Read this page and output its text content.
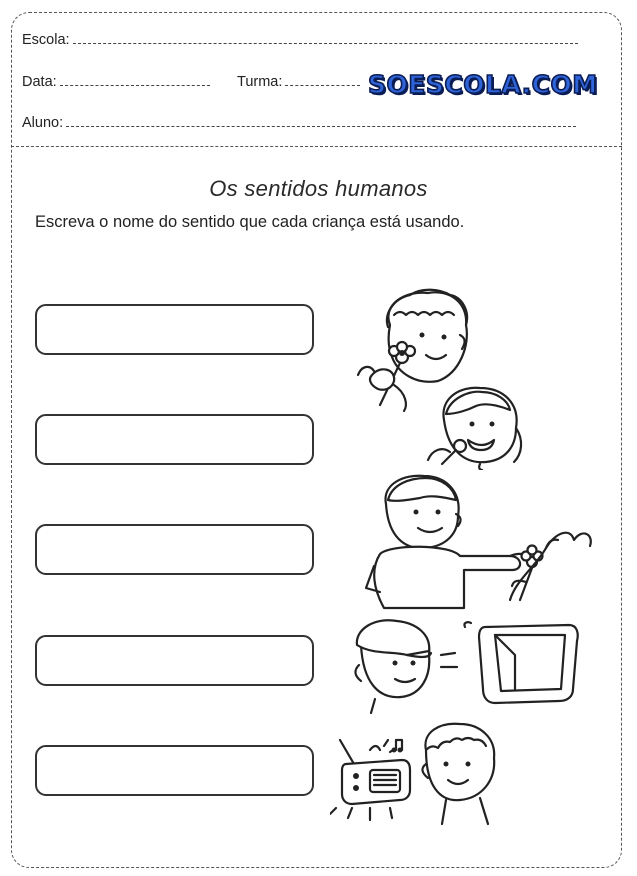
Escola:
Data:	Turma:	SOESCOLA.COM
Aluno:
Os sentidos humanos
Escreva o nome do sentido que cada criança está usando.
